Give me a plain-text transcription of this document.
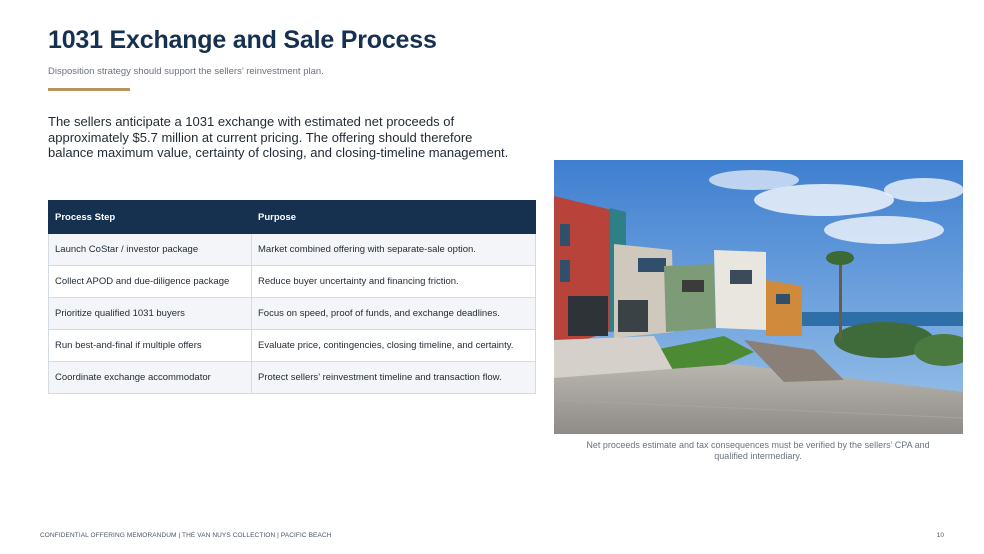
1031 Exchange and Sale Process
Disposition strategy should support the sellers’ reinvestment plan.
The sellers anticipate a 1031 exchange with estimated net proceeds of approximately $5.7 million at current pricing. The offering should therefore balance maximum value, certainty of closing, and closing-timeline management.
Process Step	Purpose
Launch CoStar / investor package	Market combined offering with separate-sale option.
Collect APOD and due-diligence package	Reduce buyer uncertainty and financing friction.
Prioritize qualified 1031 buyers	Focus on speed, proof of funds, and exchange deadlines.
Run best-and-final if multiple offers	Evaluate price, contingencies, closing timeline, and certainty.
Coordinate exchange accommodator	Protect sellers’ reinvestment timeline and transaction flow.
Net proceeds estimate and tax consequences must be verified by the sellers’ CPA and qualified intermediary.
CONFIDENTIAL OFFERING MEMORANDUM | THE VAN NUYS COLLECTION | PACIFIC BEACH	10
